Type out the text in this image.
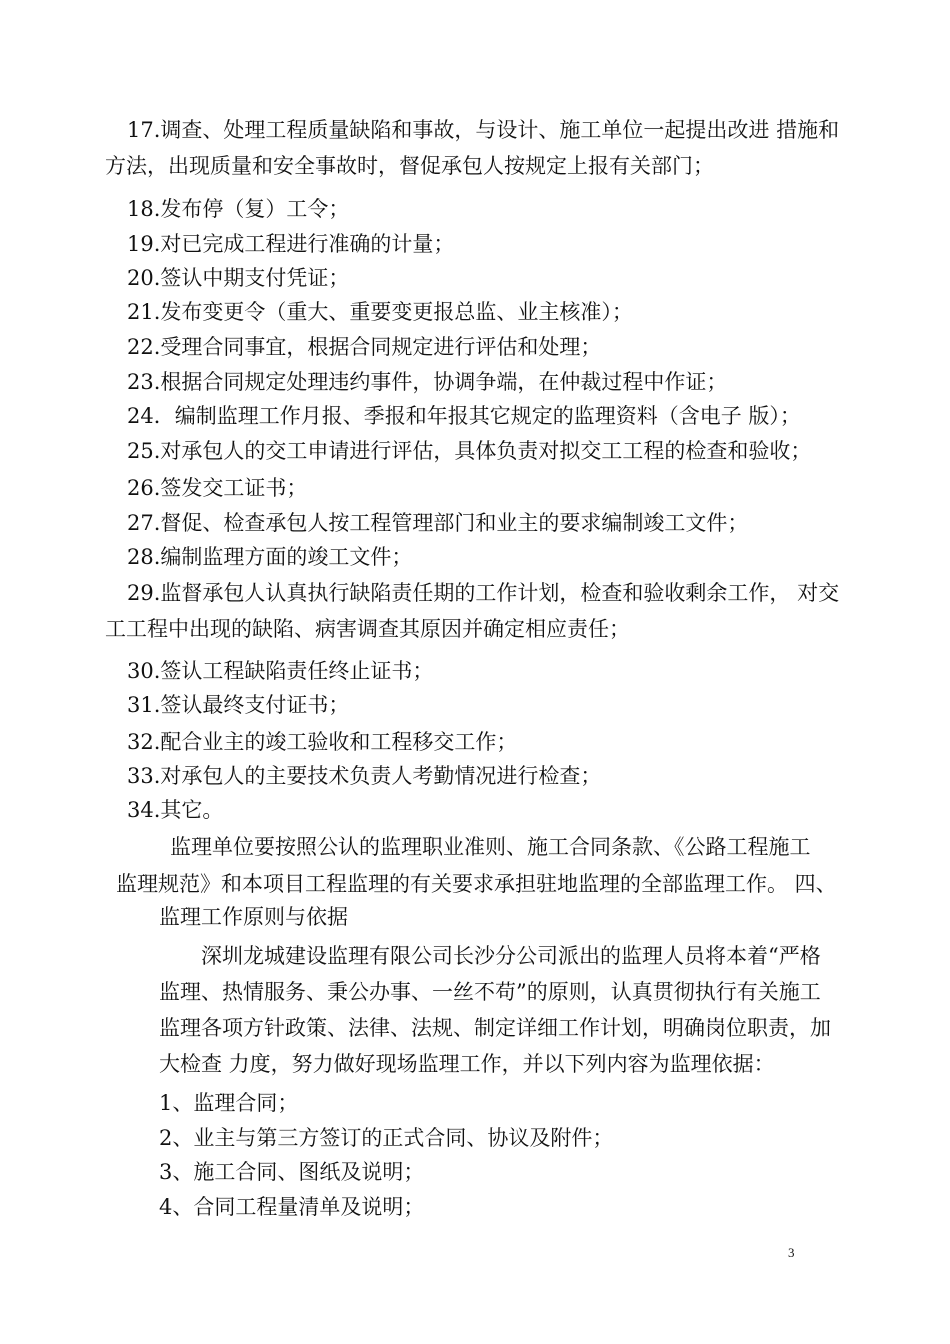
17.调查、处理工程质量缺陷和事故，与设计、施工单位一起提出改进 措施和
方法，出现质量和安全事故时，督促承包人按规定上报有关部门；
18.发布停（复）工令；
19.对已完成工程进行准确的计量；
20.签认中期支付凭证；
21.发布变更令（重大、重要变更报总监、业主核准）；
22.受理合同事宜，根据合同规定进行评估和处理；
23.根据合同规定处理违约事件，协调争端，在仲裁过程中作证；
24．编制监理工作月报、季报和年报其它规定的监理资料（含电子 版）；
25.对承包人的交工申请进行评估，具体负责对拟交工工程的检查和验收；
26.签发交工证书；
27.督促、检查承包人按工程管理部门和业主的要求编制竣工文件；
28.编制监理方面的竣工文件；
29.监督承包人认真执行缺陷责任期的工作计划，检查和验收剩余工作， 对交
工工程中出现的缺陷、病害调查其原因并确定相应责任；
30.签认工程缺陷责任终止证书；
31.签认最终支付证书；
32.配合业主的竣工验收和工程移交工作；
33.对承包人的主要技术负责人考勤情况进行检查；
34.其它。
监理单位要按照公认的监理职业准则、施工合同条款、《公路工程施工
监理规范》和本项目工程监理的有关要求承担驻地监理的全部监理工作。 四、
监理工作原则与依据
深圳龙城建设监理有限公司长沙分公司派出的监理人员将本着“严格
监理、热情服务、秉公办事、一丝不苟”的原则，认真贯彻执行有关施工
监理各项方针政策、法律、法规、制定详细工作计划，明确岗位职责，加
大检查 力度，努力做好现场监理工作，并以下列内容为监理依据：
1、监理合同；
2、业主与第三方签订的正式合同、协议及附件；
3、施工合同、图纸及说明；
4、合同工程量清单及说明；
3
